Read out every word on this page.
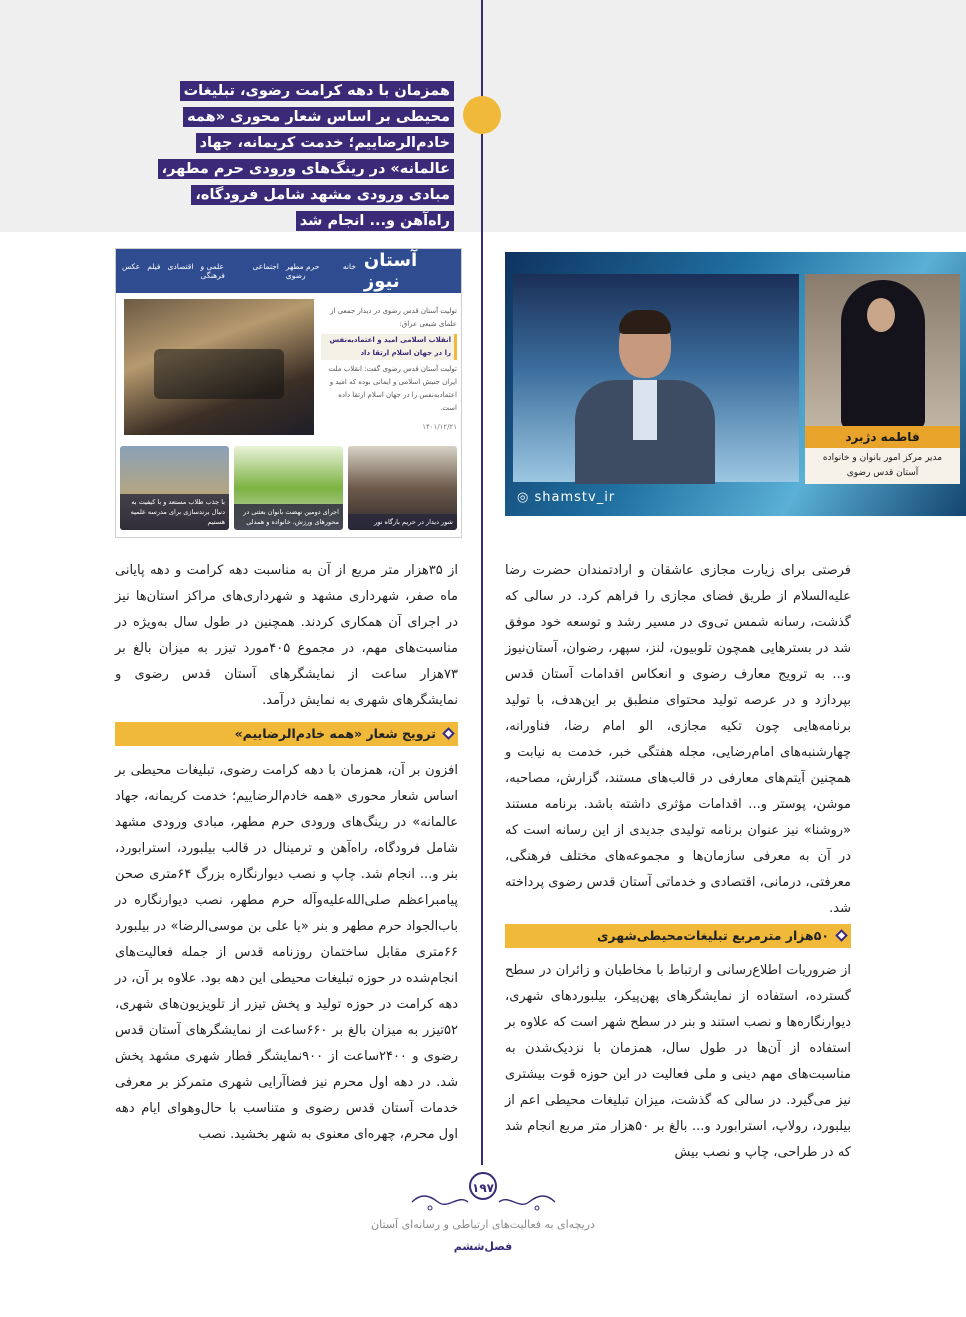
همزمان با دهه کرامت رضوی، تبلیغات محیطی بر اساس شعار محوری «همه خادم‌الرضاییم؛ خدمت کریمانه، جهاد عالمانه» در رینگ‌های ورودی حرم مطهر، مبادی ورودی مشهد شامل فرودگاه، راه‌آهن و... انجام شد
آستان نیوز
خانه
حرم مطهر رضوی
اجتماعی
علمی و فرهنگی
اقتصادی
فیلم
عکس
تولیت آستان قدس رضوی در دیدار جمعی از علمای شیعی عراق:
انقلاب اسلامی امید و اعتمادبه‌نفس را در جهان اسلام ارتقا داد
تولیت آستان قدس رضوی گفت: انقلاب ملت ایران جنبش اسلامی و ایمانی بوده که امید و اعتمادبه‌نفس را در جهان اسلام ارتقا داده است.
۱۴۰۱/۱۲/۲۱
شور دیدار در حریم بارگاه نور
اجرای دومین نهضت بانوان بعثتی در محورهای ورزش، خانواده و همدلی
با جذب طلاب مستعد و با کیفیت به دنبال برندسازی برای مدرسه علمیه هستیم
◎ shamstv_ir
فاطمه دژبرد
مدیر مرکز امور بانوان و خانواده
آستان قدس رضوی

فرصتی برای زیارت مجازی عاشقان و ارادتمندان حضرت رضا علیه‌السلام از طریق فضای مجازی را فراهم کرد. در سالی که گذشت، رسانه شمس تی‌وی در مسیر رشد و توسعه خود موفق شد در بسترهایی همچون تلوبیون، لنز، سپهر، رضوان، آستان‌نیوز و... به ترویج معارف رضوی و انعکاس اقدامات آستان قدس بپردازد و در عرصه تولید محتوای منطبق بر این‌هدف، با تولید برنامه‌هایی چون تکیه مجازی، الو امام رضا، فناورانه، چهارشنبه‌های امام‌رضایی، مجله هفتگی خبر، خدمت به نیابت و همچنین آیتم‌های معارفی در قالب‌های مستند، گزارش، مصاحبه، موشن، پوستر و... اقدامات مؤثری داشته باشد. برنامه مستند «روشنا» نیز عنوان برنامه تولیدی جدیدی از این رسانه است که در آن به معرفی سازمان‌ها و مجموعه‌های مختلف فرهنگی، معرفتی، درمانی، اقتصادی و خدماتی آستان قدس رضوی پرداخته شد.

۵۰هزار مترمربع تبلیغات‌محیطی‌شهری

از ضروریات اطلاع‌رسانی و ارتباط با مخاطبان و زائران در سطح گسترده، استفاده از نمایشگرهای پهن‌پیکر، بیلبوردهای شهری، دیوارنگاره‌ها و نصب استند و بنر در سطح شهر است که علاوه بر استفاده از آن‌ها در طول سال، همزمان با نزدیک‌شدن به مناسبت‌های مهم دینی و ملی فعالیت در این حوزه قوت بیشتری نیز می‌گیرد. در سالی که گذشت، میزان تبلیغات محیطی اعم از بیلبورد، رولاپ، استرابورد و... بالغ بر ۵۰هزار متر مربع انجام شد که در طراحی، چاپ و نصب بیش

از ۳۵هزار متر مربع از آن به مناسبت دهه کرامت و دهه پایانی ماه صفر، شهرداری مشهد و شهرداری‌های مراکز استان‌ها نیز در اجرای آن همکاری کردند. همچنین در طول سال به‌ویژه در مناسبت‌های مهم، در مجموع ۴۰۵مورد تیزر به میزان بالغ بر ۷۳هزار ساعت از نمایشگرهای آستان قدس رضوی و نمایشگرهای شهری به نمایش درآمد.

ترویج شعار «همه خادم‌الرضاییم»

افزون بر آن، همزمان با دهه کرامت رضوی، تبلیغات محیطی بر اساس شعار محوری «همه خادم‌الرضاییم؛ خدمت کریمانه، جهاد عالمانه» در رینگ‌های ورودی حرم مطهر، مبادی ورودی مشهد شامل فرودگاه، راه‌آهن و ترمینال در قالب بیلبورد، استرابورد، بنر و... انجام شد. چاپ و نصب دیوارنگاره بزرگ ۶۴متری صحن پیامبراعظم صلی‌الله‌علیه‌وآله حرم مطهر، نصب دیوارنگاره در باب‌الجواد حرم مطهر و بنر «یا علی بن موسی‌الرضا» در بیلبورد ۶۶متری مقابل ساختمان روزنامه قدس از جمله فعالیت‌های انجام‌شده در حوزه تبلیغات محیطی این دهه بود. علاوه بر آن، در دهه کرامت در حوزه تولید و پخش تیزر از تلویزیون‌های شهری، ۵۲تیزر به میزان بالغ بر ۶۶۰ساعت از نمایشگرهای آستان قدس رضوی و ۲۴۰۰ساعت از ۹۰۰نمایشگر قطار شهری مشهد پخش شد. در دهه اول محرم نیز فضاآرایی شهری متمرکز بر معرفی خدمات آستان قدس رضوی و متناسب با حال‌وهوای ایام دهه اول محرم، چهره‌ای معنوی به شهر بخشید. نصب

۱۹۷
دریچه‌ای به فعالیت‌های ارتباطی و رسانه‌ای آستان
فصل‌ششم
